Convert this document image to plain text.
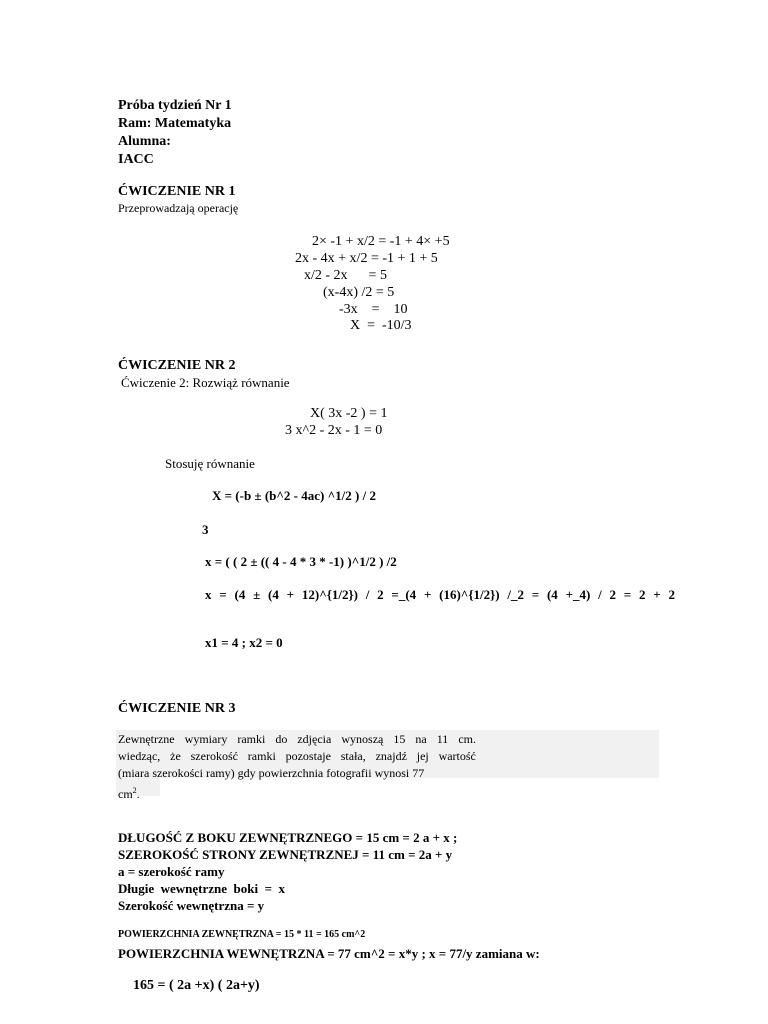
Próba tydzień Nr 1
Ram: Matematyka
Alumna:
IACC
ĆWICZENIE NR 1
Przeprowadzają operację
2× -1 + x/2 = -1 + 4× +5
2x - 4x + x/2 = -1 + 1 + 5
x/2 - 2x      = 5
(x-4x) /2 = 5
-3x    =    10
X  =  -10/3
ĆWICZENIE NR 2
Ćwiczenie 2: Rozwiąż równanie
X( 3x -2 ) = 1
3 x^2 - 2x - 1 = 0
Stosuję równanie
X = (-b ± (b^2 - 4ac) ^1/2 ) / 2
3
x = ( ( 2 ± (( 4 - 4 * 3 * -1) )^1/2 ) /2
x = (4 ± (4 + 12)^{1/2}) / 2 =_(4 + (16)^{1/2}) /_2 = (4 +_4) / 2 = 2 + 2
x1 = 4 ; x2 = 0
ĆWICZENIE NR 3
Zewnętrzne wymiary ramki do zdjęcia wynoszą 15 na 11 cm.
wiedząc, że szerokość ramki pozostaje stała, znajdź jej wartość
(miara szerokości ramy) gdy powierzchnia fotografii wynosi 77
$cm^2$.
DŁUGOŚĆ Z BOKU ZEWNĘTRZNEGO = 15 cm = 2 a + x ;
SZEROKOŚĆ STRONY ZEWNĘTRZNEJ = 11 cm = 2a + y
a = szerokość ramy
Długie  wewnętrzne  boki  =  x
Szerokość wewnętrzna = y
POWIERZCHNIA ZEWNĘTRZNA = 15 * 11 = 165 cm^2
POWIERZCHNIA WEWNĘTRZNA = 77 cm^2 = x*y ; x = 77/y zamiana w:
165 = ( 2a +x) ( 2a+y)
